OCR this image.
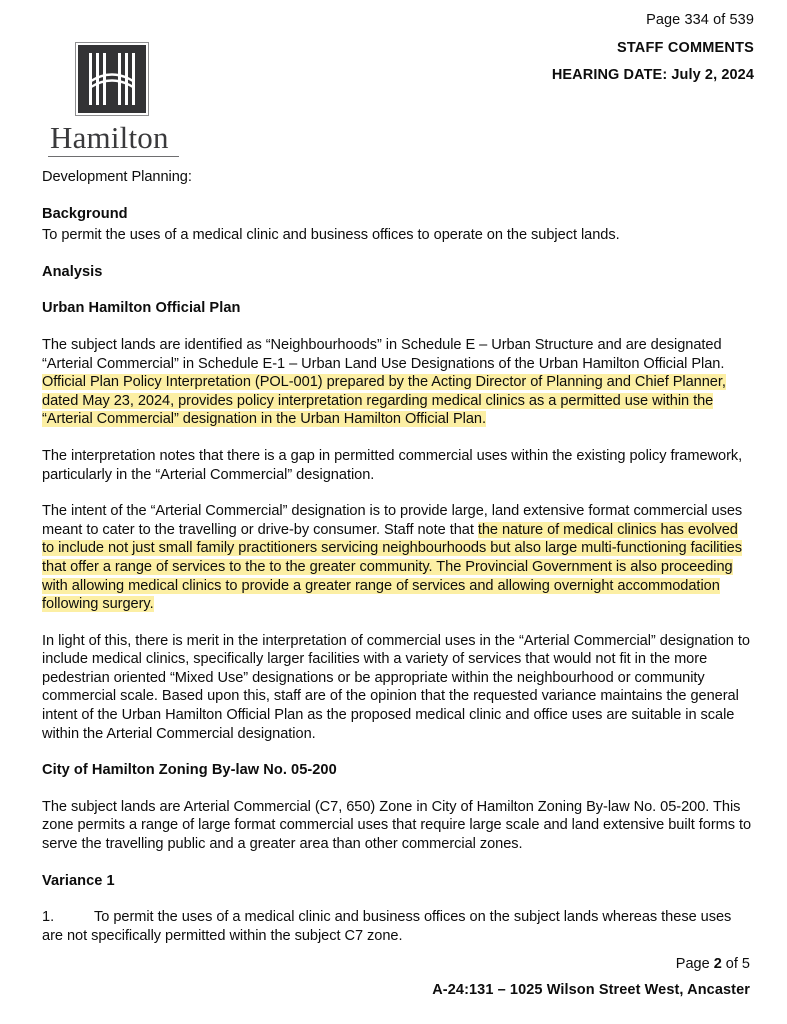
Page 334 of 539
STAFF COMMENTS
HEARING DATE: July 2, 2024
Hamilton

Development Planning:

Background

To permit the uses of a medical clinic and business offices to operate on the subject lands.

Analysis
Urban Hamilton Official Plan

The subject lands are identified as “Neighbourhoods” in Schedule E – Urban Structure and are designated “Arterial Commercial” in Schedule E-1 – Urban Land Use Designations of the Urban Hamilton Official Plan. Official Plan Policy Interpretation (POL-001) prepared by the Acting Director of Planning and Chief Planner, dated May 23, 2024, provides policy interpretation regarding medical clinics as a permitted use within the “Arterial Commercial” designation in the Urban Hamilton Official Plan.

The interpretation notes that there is a gap in permitted commercial uses within the existing policy framework, particularly in the “Arterial Commercial” designation.

The intent of the “Arterial Commercial” designation is to provide large, land extensive format commercial uses meant to cater to the travelling or drive-by consumer. Staff note that the nature of medical clinics has evolved to include not just small family practitioners servicing neighbourhoods but also large multi-functioning facilities that offer a range of services to the to the greater community. The Provincial Government is also proceeding with allowing medical clinics to provide a greater range of services and allowing overnight accommodation following surgery.

In light of this, there is merit in the interpretation of commercial uses in the “Arterial Commercial” designation to include medical clinics, specifically larger facilities with a variety of services that would not fit in the more pedestrian oriented “Mixed Use” designations or be appropriate within the neighbourhood or community commercial scale. Based upon this, staff are of the opinion that the requested variance maintains the general intent of the Urban Hamilton Official Plan as the proposed medical clinic and office uses are suitable in scale within the Arterial Commercial designation.

City of Hamilton Zoning By-law No. 05-200

The subject lands are Arterial Commercial (C7, 650) Zone in City of Hamilton Zoning By-law No. 05-200. This zone permits a range of large format commercial uses that require large scale and land extensive built forms to serve the travelling public and a greater area than other commercial zones.

Variance 1

1.	To permit the uses of a medical clinic and business offices on the subject lands whereas these uses are not specifically permitted within the subject C7 zone.

Page 2 of 5
A-24:131 – 1025 Wilson Street West, Ancaster
